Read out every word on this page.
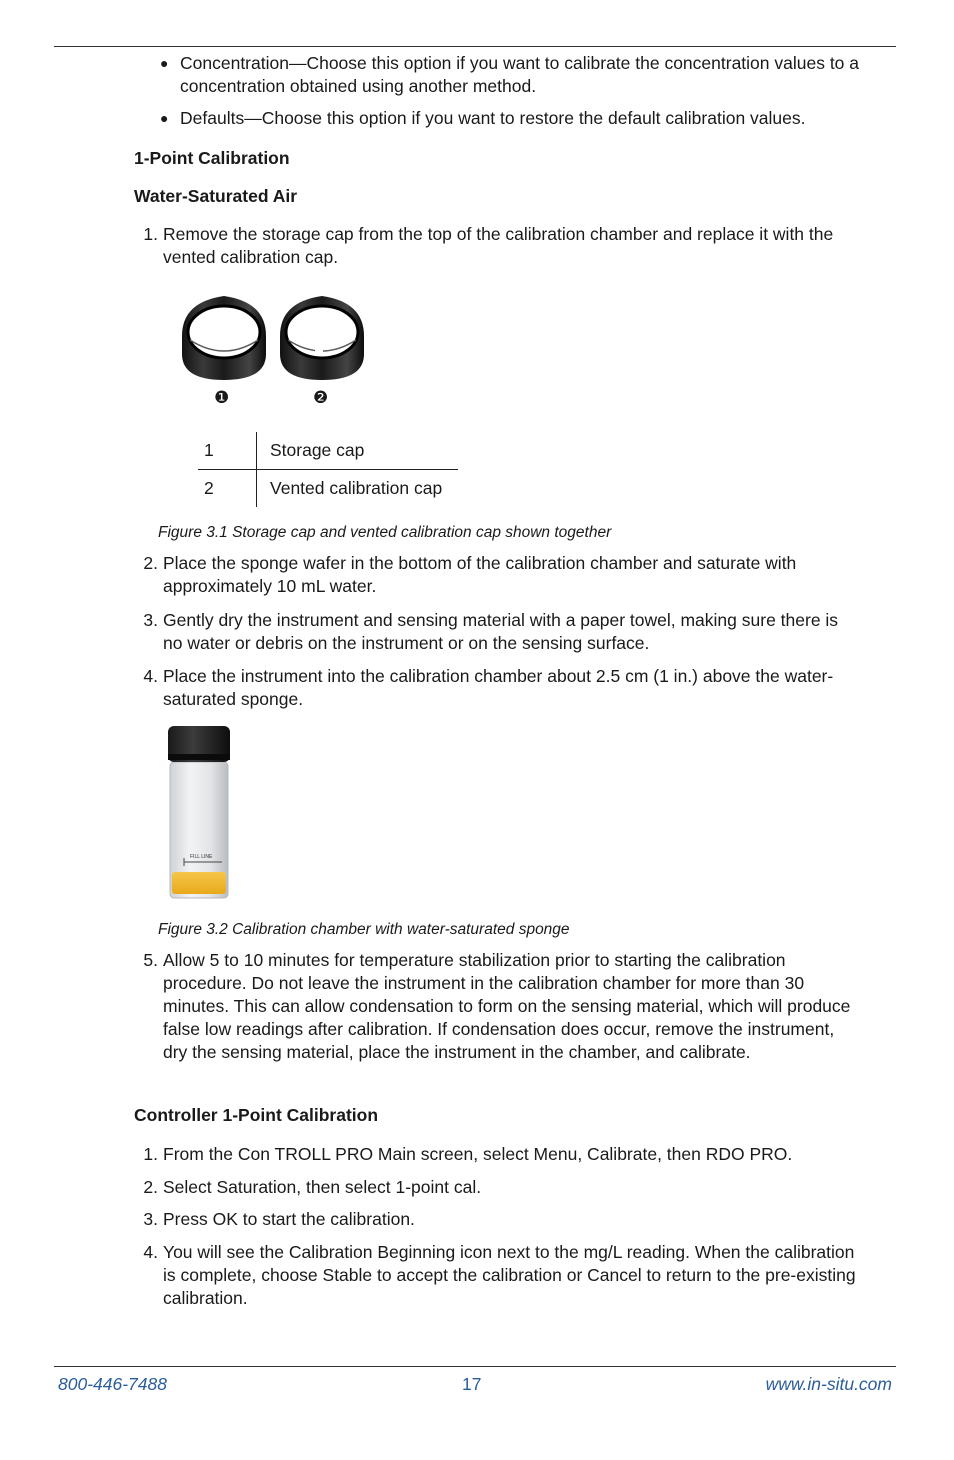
● Concentration—Choose this option if you want to calibrate the concentration values to a concentration obtained using another method.
● Defaults—Choose this option if you want to restore the default calibration values.
1-Point Calibration
Water-Saturated Air
1. Remove the storage cap from the top of the calibration chamber and replace it with the vented calibration cap.
❶	❷
1	Storage cap
2	Vented calibration cap
Figure 3.1 Storage cap and vented calibration cap shown together
2. Place the sponge wafer in the bottom of the calibration chamber and saturate with approximately 10 mL water.
3. Gently dry the instrument and sensing material with a paper towel, making sure there is no water or debris on the instrument or on the sensing surface.
4. Place the instrument into the calibration chamber about 2.5 cm (1 in.) above the water-saturated sponge.
FILL LINE
Figure 3.2 Calibration chamber with water-saturated sponge
5. Allow 5 to 10 minutes for temperature stabilization prior to starting the calibration procedure. Do not leave the instrument in the calibration chamber for more than 30 minutes. This can allow condensation to form on the sensing material, which will produce false low readings after calibration. If condensation does occur, remove the instrument, dry the sensing material, place the instrument in the chamber, and calibrate.
Controller 1-Point Calibration
1. From the Con TROLL PRO Main screen, select Menu, Calibrate, then RDO PRO.
2. Select Saturation, then select 1-point cal.
3. Press OK to start the calibration.
4. You will see the Calibration Beginning icon next to the mg/L reading. When the calibration is complete, choose Stable to accept the calibration or Cancel to return to the pre-existing calibration.
800-446-7488	17	www.in-situ.com
